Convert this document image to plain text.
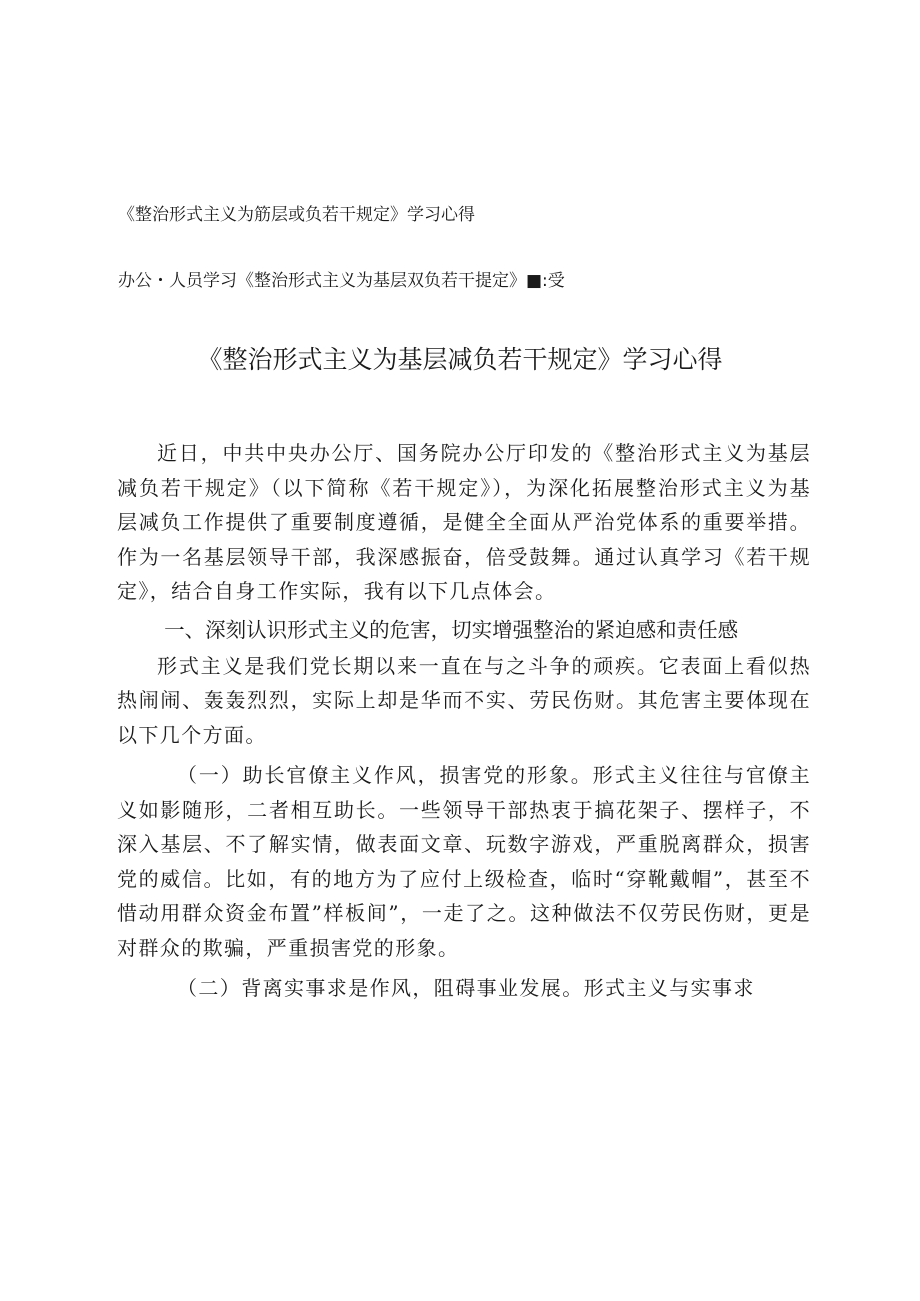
《整治形式主义为筋层或负若干规定》学习心得
办公・人员学习《整治形式主义为基层双负若干提定》■:受
《整治形式主义为基层减负若干规定》学习心得

近日，中共中央办公厅、国务院办公厅印发的《整治形式主义为基层减负若干规定》（以下简称《若干规定》），为深化拓展整治形式主义为基层减负工作提供了重要制度遵循，是健全全面从严治党体系的重要举措。作为一名基层领导干部，我深感振奋，倍受鼓舞。通过认真学习《若干规定》，结合自身工作实际，我有以下几点体会。

一、深刻认识形式主义的危害，切实增强整治的紧迫感和责任感

形式主义是我们党长期以来一直在与之斗争的顽疾。它表面上看似热热闹闹、轰轰烈烈，实际上却是华而不实、劳民伤财。其危害主要体现在以下几个方面。

（一）助长官僚主义作风，损害党的形象。形式主义往往与官僚主义如影随形，二者相互助长。一些领导干部热衷于搞花架子、摆样子，不深入基层、不了解实情，做表面文章、玩数字游戏，严重脱离群众，损害党的威信。比如，有的地方为了应付上级检查，临时“穿靴戴帽”，甚至不惜动用群众资金布置”样板间”，一走了之。这种做法不仅劳民伤财，更是对群众的欺骗，严重损害党的形象。

（二）背离实事求是作风，阻碍事业发展。形式主义与实事求
